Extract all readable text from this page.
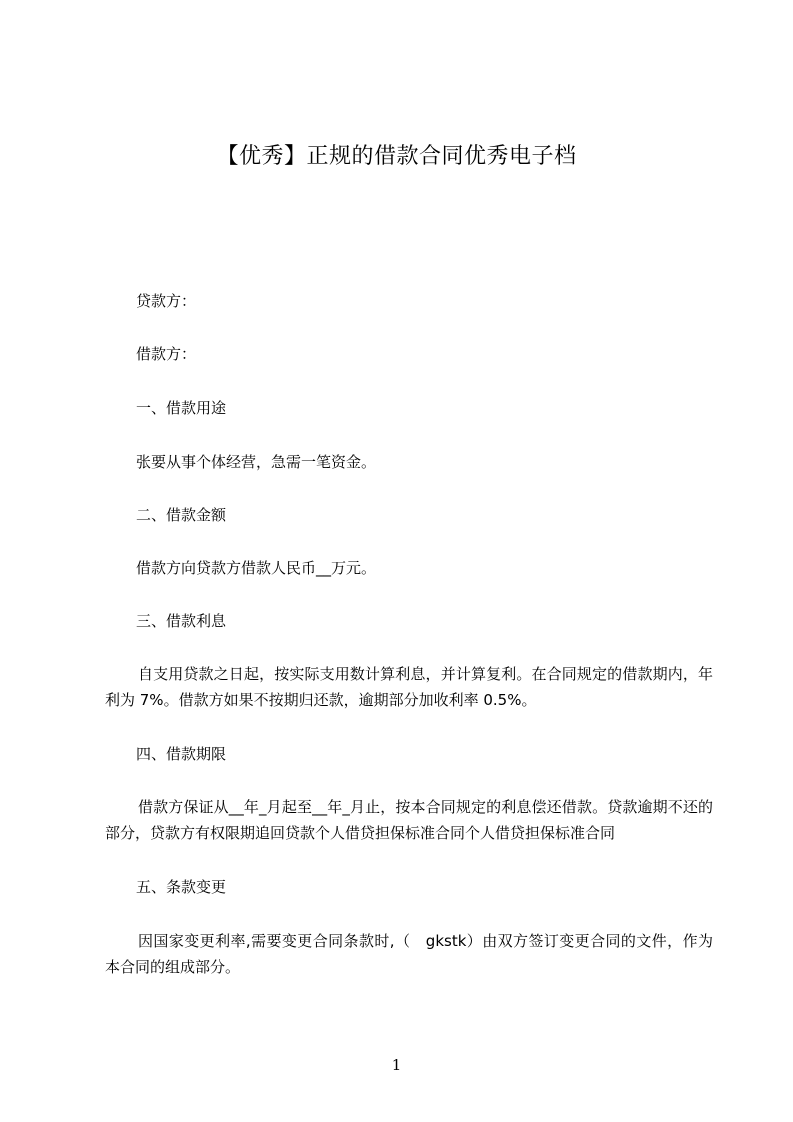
【优秀】正规的借款合同优秀电子档
贷款方：
借款方：
一、借款用途
张要从事个体经营，急需一笔资金。
二、借款金额
借款方向贷款方借款人民币__万元。
三、借款利息
自支用贷款之日起，按实际支用数计算利息，并计算复利。在合同规定的借款期内，年利为 7%。借款方如果不按期归还款，逾期部分加收利率 0.5%。
四、借款期限
借款方保证从__年_月起至__年_月止，按本合同规定的利息偿还借款。贷款逾期不还的部分，贷款方有权限期追回贷款个人借贷担保标准合同个人借贷担保标准合同
五、条款变更
因国家变更利率,需要变更合同条款时,（　gkstk）由双方签订变更合同的文件，作为本合同的组成部分。
1
